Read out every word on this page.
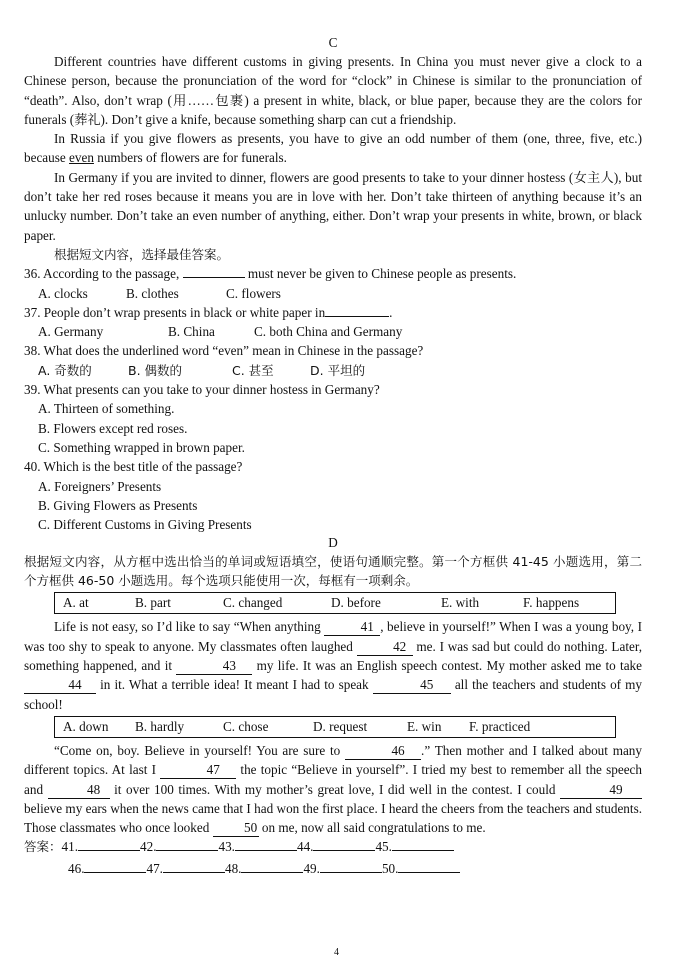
C

Different countries have different customs in giving presents. In China you must never give a clock to a Chinese person, because the pronunciation of the word for “clock” in Chinese is similar to the pronunciation of “death”. Also, don’t wrap (用……包裹) a present in white, black, or blue paper, because they are the colors for funerals (葬礼). Don’t give a knife, because something sharp can cut a friendship.

In Russia if you give flowers as presents, you have to give an odd number of them (one, three, five, etc.) because even numbers of flowers are for funerals.

In Germany if you are invited to dinner, flowers are good presents to take to your dinner hostess (女主人), but don’t take her red roses because it means you are in love with her. Don’t take thirteen of anything because it’s an unlucky number. Don’t take an even number of anything, either. Don’t wrap your presents in white, brown, or black paper.

根据短文内容，选择最佳答案。
36. According to the passage,	must never be given to Chinese people as presents.
A. clocks	B. clothes	C. flowers
37. People don’t wrap presents in black or white paper in	.
A. Germany	B. China	C. both China and Germany
38. What does the underlined word “even” mean in Chinese in the passage?
A. 奇数的	B. 偶数的	C. 甚至	D. 平坦的
39. What presents can you take to your dinner hostess in Germany?
A. Thirteen of something.
B. Flowers except red roses.
C. Something wrapped in brown paper.
40. Which is the best title of the passage?
A. Foreigners’ Presents
B. Giving Flowers as Presents
C. Different Customs in Giving Presents
D
根据短文内容，从方框中选出恰当的单词或短语填空，使语句通顺完整。第一个方框供 41-45 小题选用，第二个方框供 46-50 小题选用。每个选项只能使用一次，每框有一项剩余。
A. at	B. part	C. changed	D. before	E. with	F. happens

Life is not easy, so I’d like to say “When anything	41 , believe in yourself!” When I was a young boy, I was too shy to speak to anyone. My classmates often laughed	42 me. I was sad but could do nothing. Later, something happened, and it	43 my life. It was an English speech contest. My mother asked me to take 44 in it. What a terrible idea! It meant I had to speak	45 all the teachers and students of my school!

A. down B. hardly	C. chose	D. request	E. win F. practiced

“Come on, boy. Believe in yourself! You are sure to	46 .” Then mother and I talked about many different topics. At last I	47 the topic “Believe in yourself”. I tried my best to remember all the speech and	48 it over 100 times. With my mother’s great love, I did well in the contest. I could	49 believe my ears when the news came that I had won the first place. I heard the cheers from the teachers and students. Those classmates who once looked 50 on me, now all said congratulations to me.

答案：41.	42.	43.	44.	45.
46.	47.	48.	49.	50.
4
